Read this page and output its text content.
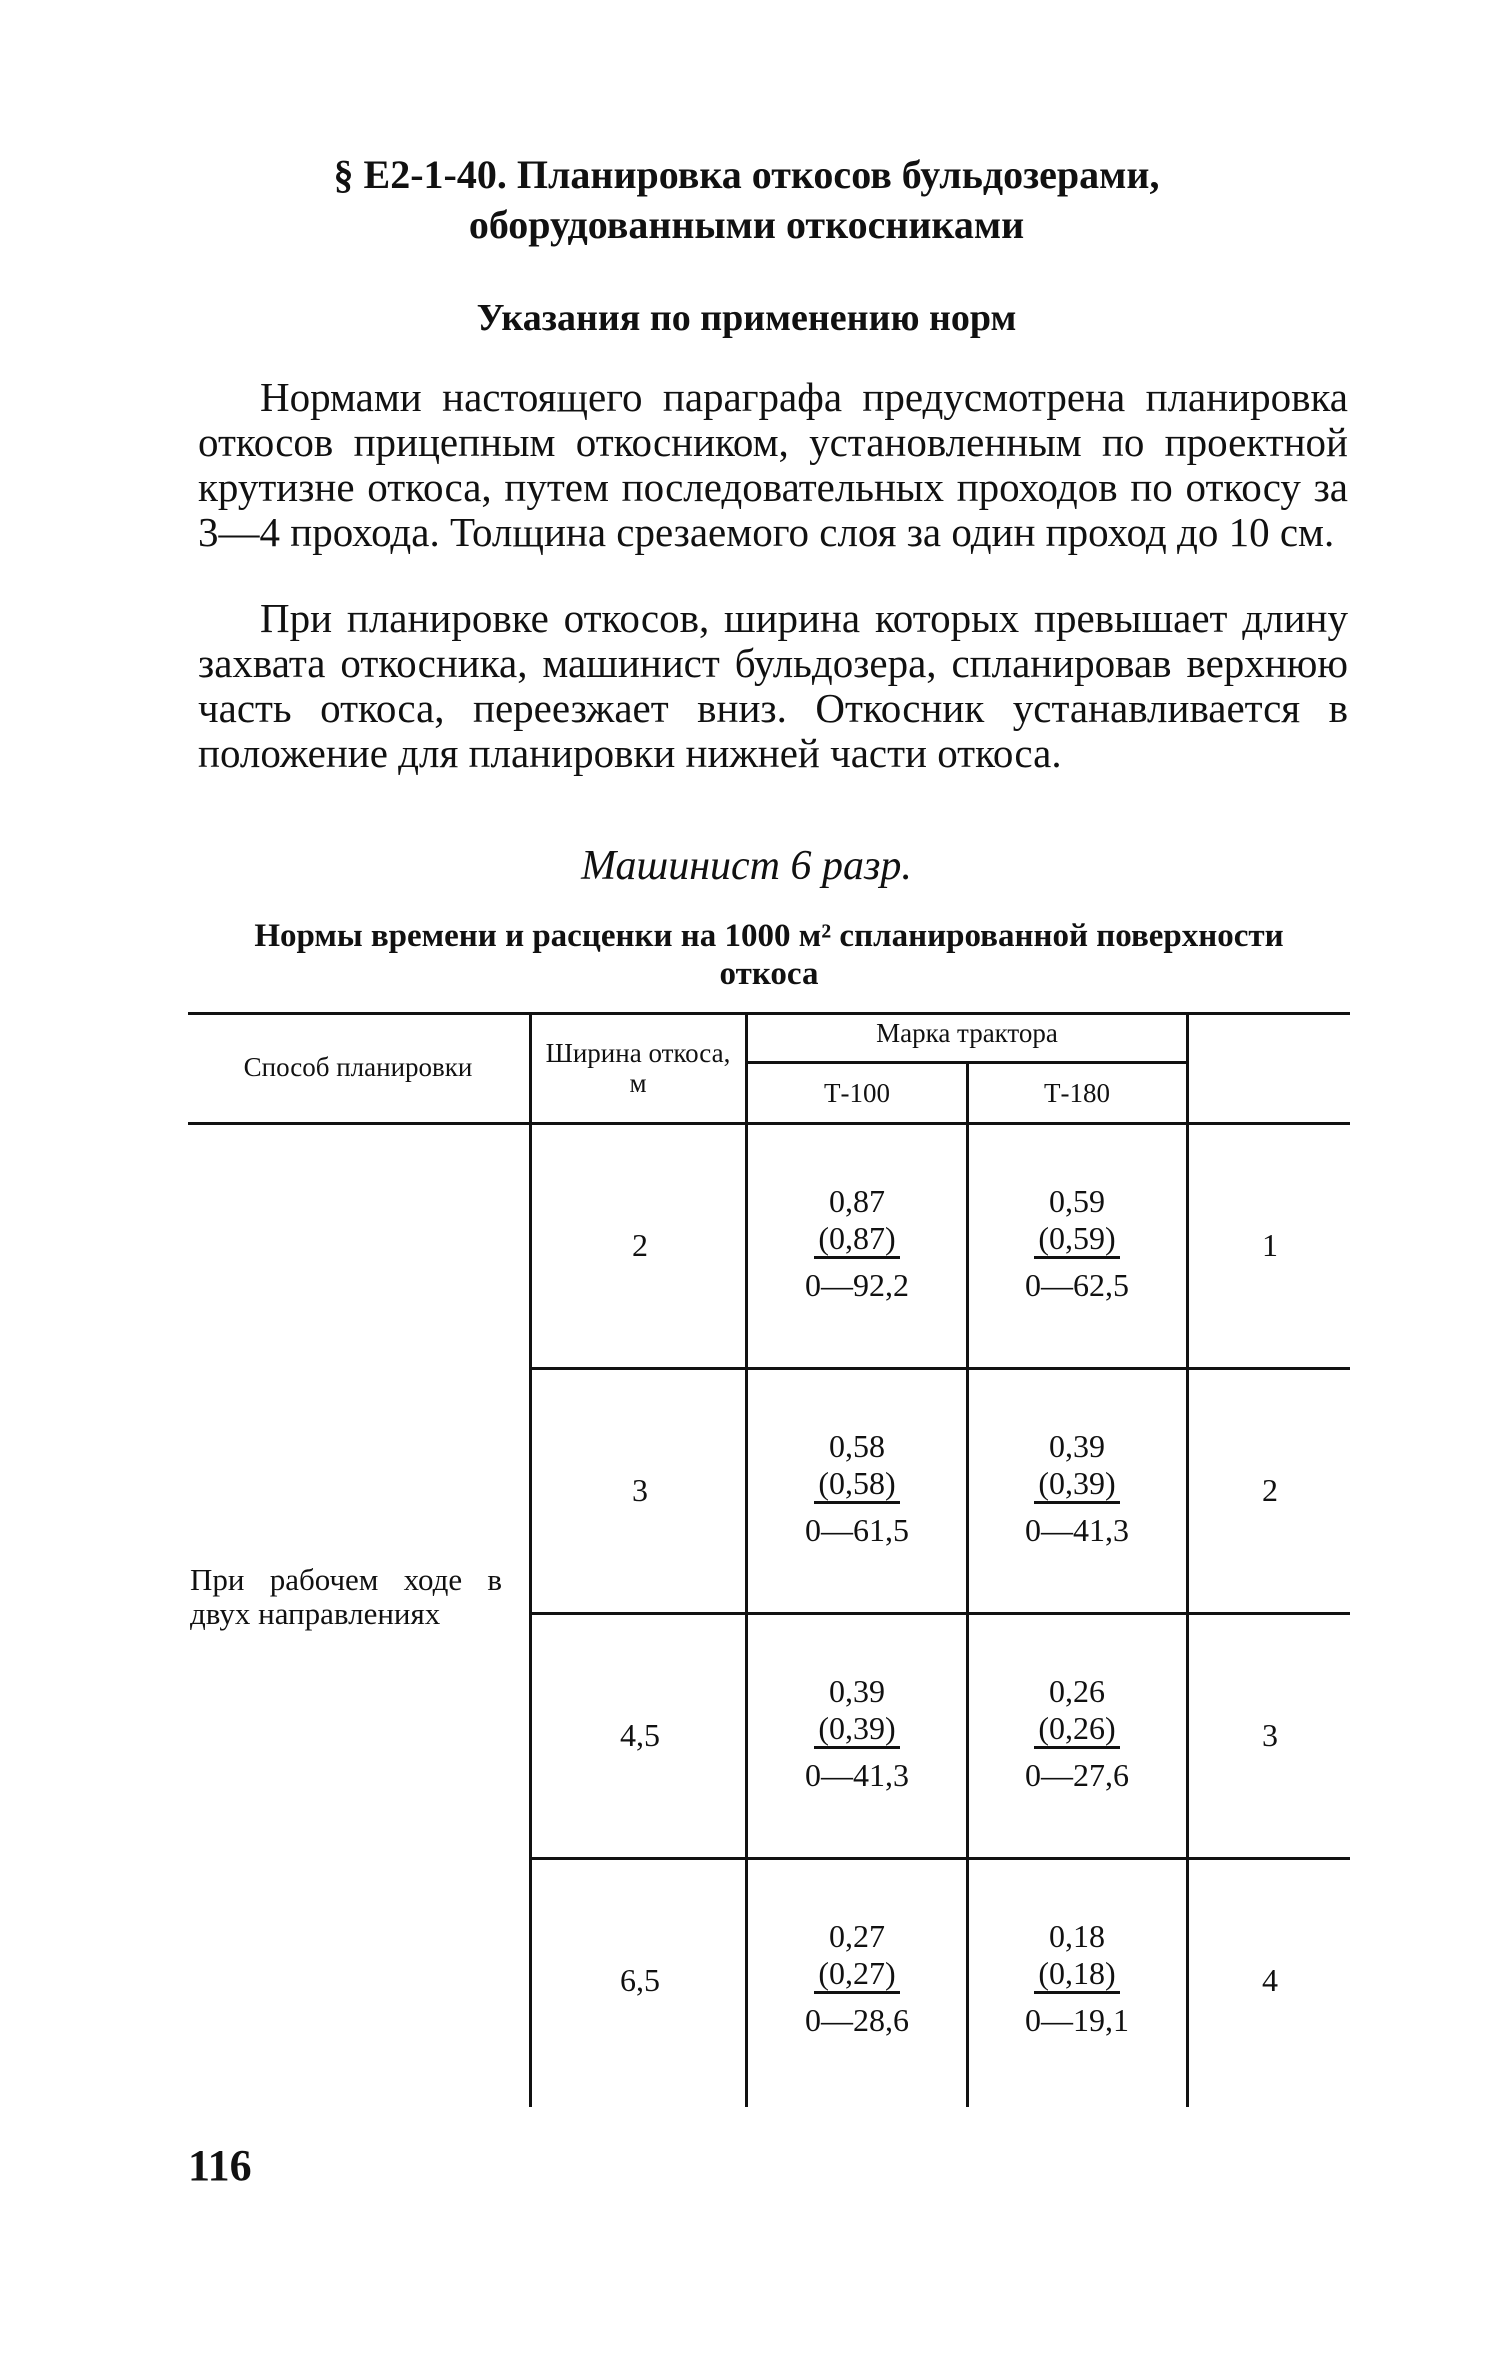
§ Е2-1-40. Планировка откосов бульдозерами,
оборудованными откосниками
Указания по применению норм

Нормами настоящего параграфа предусмотрена планировка откосов прицепным откосником, установленным по проектной крутизне откоса, путем последовательных проходов по откосу за 3—4 прохода. Толщина срезаемого слоя за один проход до 10 см.

При планировке откосов, ширина которых превышает длину захвата откосника, машинист бульдозера, спланировав верхнюю часть откоса, переезжает вниз. Откосник устанавливается в положение для планировки нижней части откоса.

Машинист 6 разр.
Нормы времени и расценки на 1000 м² спланированной поверхности
откоса
Способ планировки	Ширина откоса, м
Марка трактора
Т-100	Т-180
При рабочем ходе в двух направлениях
2
0,87
(0,87)
0—92,2
0,59
(0,59)
0—62,5
1
3
0,58
(0,58)
0—61,5
0,39
(0,39)
0—41,3
2
4,5
0,39
(0,39)
0—41,3
0,26
(0,26)
0—27,6
3
6,5
0,27
(0,27)
0—28,6
0,18
(0,18)
0—19,1
4
116
